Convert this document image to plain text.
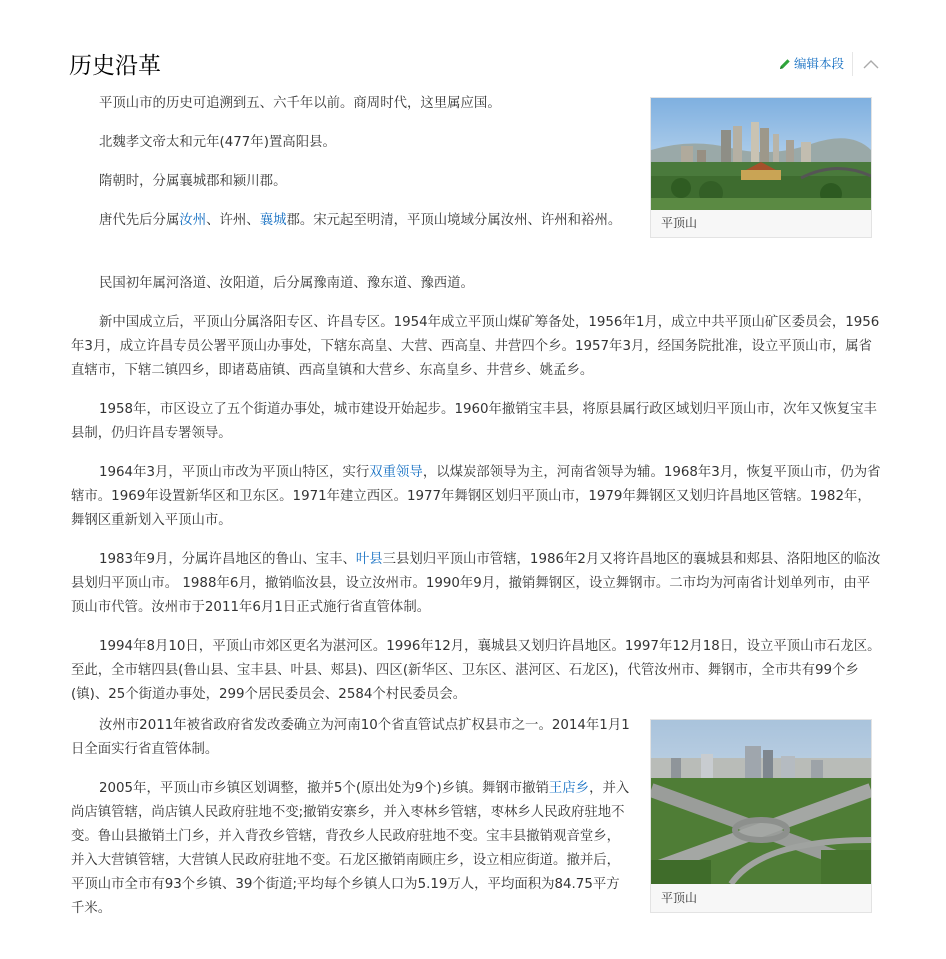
历史沿革	编辑本段
平顶山
平顶山

平顶山市的历史可追溯到五、六千年以前。商周时代，这里属应国。

北魏孝文帝太和元年(477年)置高阳县。

隋朝时，分属襄城郡和颍川郡。

唐代先后分属汝州、许州、襄城郡。宋元起至明清，平顶山境域分属汝州、许州和裕州。

民国初年属河洛道、汝阳道，后分属豫南道、豫东道、豫西道。

新中国成立后，平顶山分属洛阳专区、许昌专区。1954年成立平顶山煤矿筹备处，1956年1月，成立中共平顶山矿区委员会，1956年3月，成立许昌专员公署平顶山办事处，下辖东高皇、大营、西高皇、井营四个乡。1957年3月，经国务院批准，设立平顶山市，属省直辖市，下辖二镇四乡，即诸葛庙镇、西高皇镇和大营乡、东高皇乡、井营乡、姚孟乡。

1958年，市区设立了五个街道办事处，城市建设开始起步。1960年撤销宝丰县，将原县属行政区域划归平顶山市，次年又恢复宝丰县制，仍归许昌专署领导。

1964年3月，平顶山市改为平顶山特区，实行双重领导，以煤炭部领导为主，河南省领导为辅。1968年3月，恢复平顶山市，仍为省辖市。1969年设置新华区和卫东区。1971年建立西区。1977年舞钢区划归平顶山市，1979年舞钢区又划归许昌地区管辖。1982年，舞钢区重新划入平顶山市。

1983年9月，分属许昌地区的鲁山、宝丰、叶县三县划归平顶山市管辖，1986年2月又将许昌地区的襄城县和郏县、洛阳地区的临汝县划归平顶山市。 1988年6月，撤销临汝县，设立汝州市。1990年9月，撤销舞钢区，设立舞钢市。二市均为河南省计划单列市，由平顶山市代管。汝州市于2011年6月1日正式施行省直管体制。

1994年8月10日，平顶山市郊区更名为湛河区。1996年12月，襄城县又划归许昌地区。1997年12月18日，设立平顶山市石龙区。至此，全市辖四县(鲁山县、宝丰县、叶县、郏县)、四区(新华区、卫东区、湛河区、石龙区)，代管汝州市、舞钢市，全市共有99个乡(镇)、25个街道办事处，299个居民委员会、2584个村民委员会。

汝州市2011年被省政府省发改委确立为河南10个省直管试点扩权县市之一。2014年1月1日全面实行省直管体制。

2005年，平顶山市乡镇区划调整，撤并5个(原出处为9个)乡镇。舞钢市撤销王店乡，并入尚店镇管辖，尚店镇人民政府驻地不变;撤销安寨乡，并入枣林乡管辖，枣林乡人民政府驻地不变。鲁山县撤销土门乡，并入背孜乡管辖，背孜乡人民政府驻地不变。宝丰县撤销观音堂乡，并入大营镇管辖，大营镇人民政府驻地不变。石龙区撤销南顾庄乡，设立相应街道。撤并后，平顶山市全市有93个乡镇、39个街道;平均每个乡镇人口为5.19万人，平均面积为84.75平方千米。
